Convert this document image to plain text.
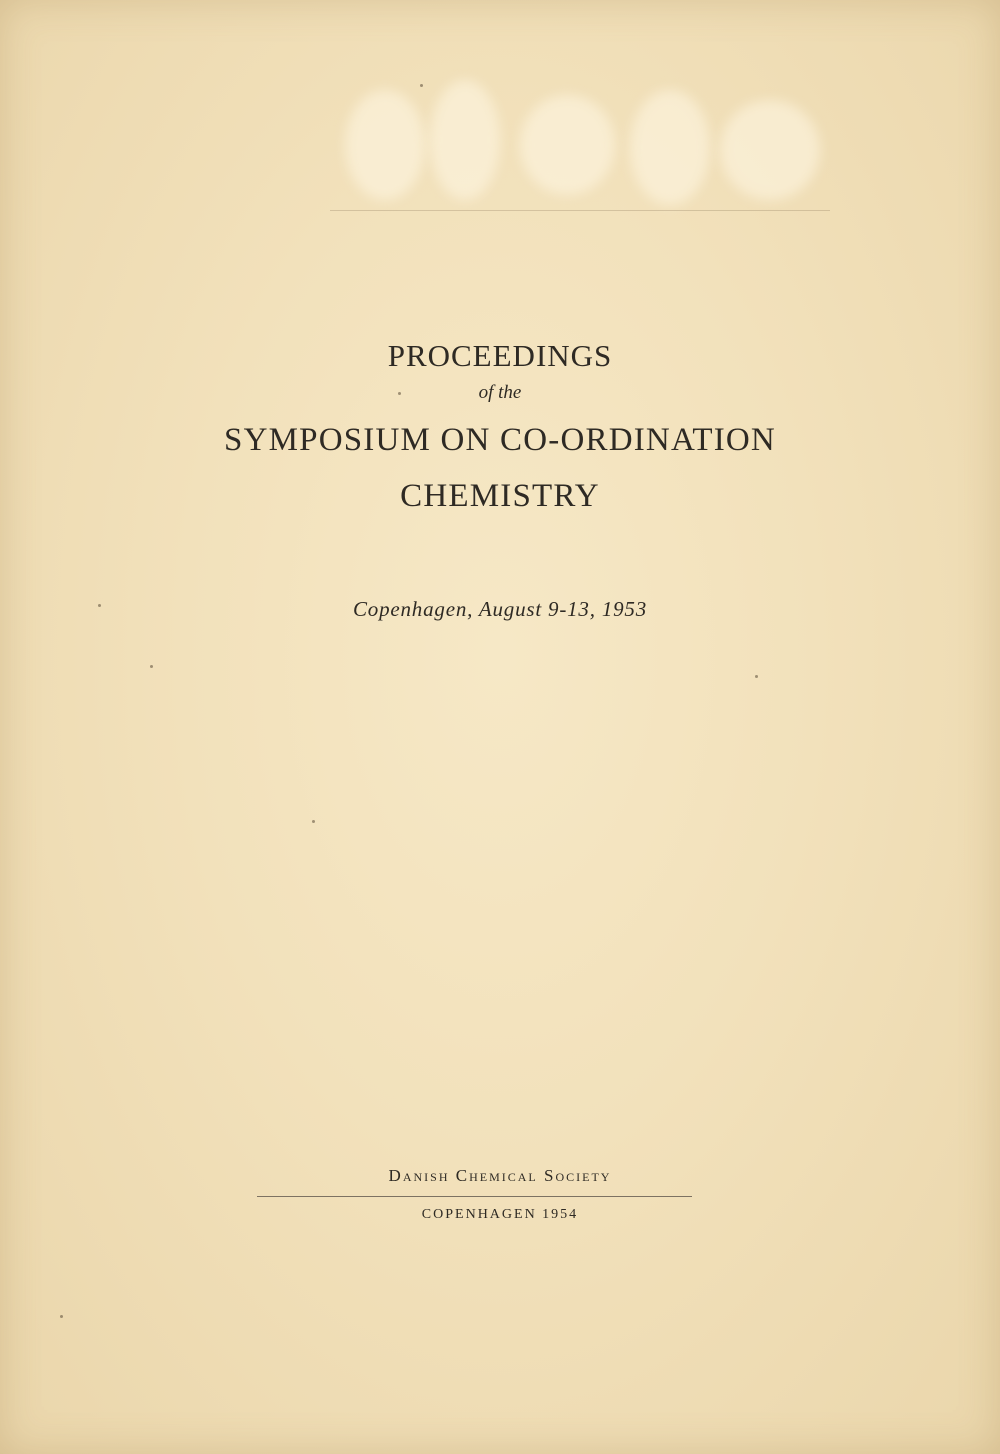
PROCEEDINGS
of the
SYMPOSIUM ON CO-ORDINATION
CHEMISTRY
Copenhagen, August 9-13, 1953
Danish Chemical Society
COPENHAGEN 1954
